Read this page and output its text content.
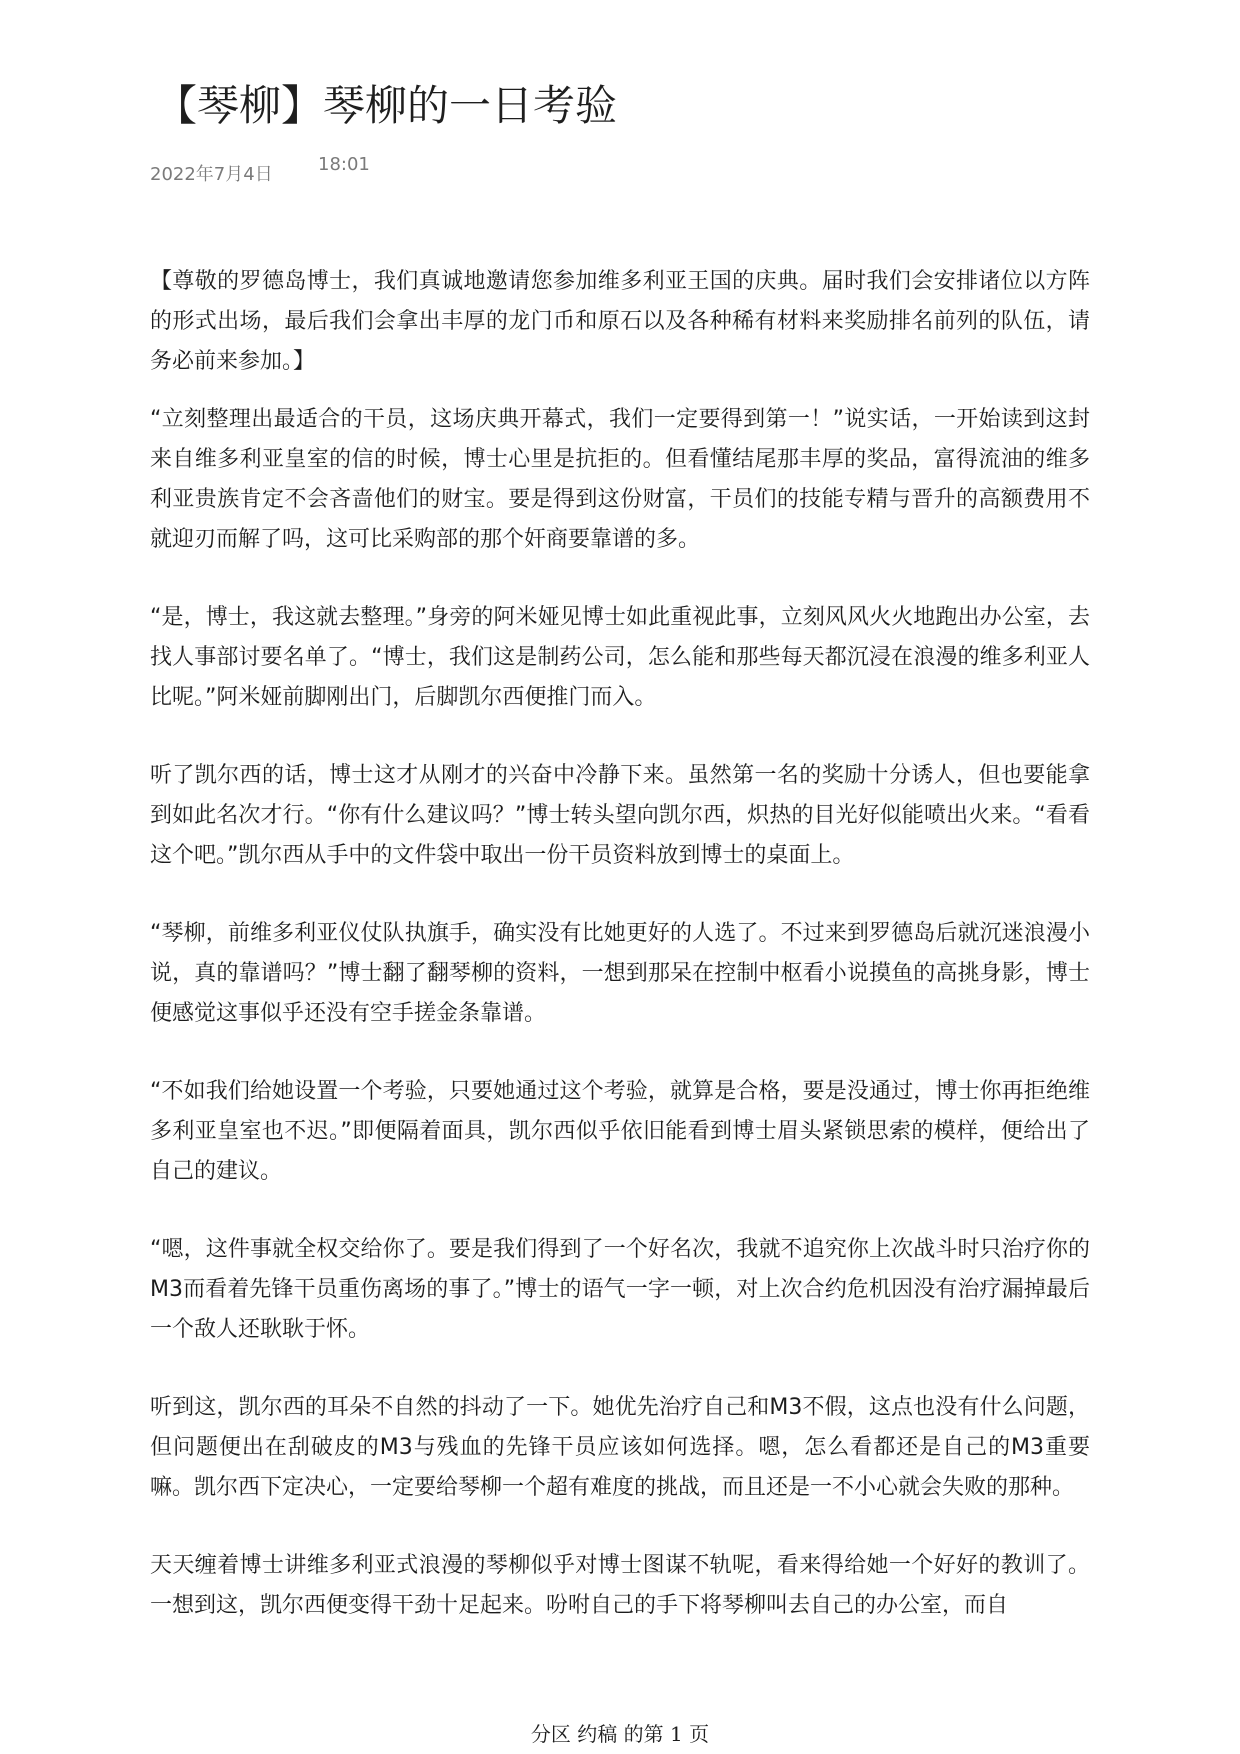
【琴柳】琴柳的一日考验
2022年7月4日	18:01

【尊敬的罗德岛博士，我们真诚地邀请您参加维多利亚王国的庆典。届时我们会安排诸位以方阵的形式出场，最后我们会拿出丰厚的龙门币和原石以及各种稀有材料来奖励排名前列的队伍，请务必前来参加。】

“立刻整理出最适合的干员，这场庆典开幕式，我们一定要得到第一！”说实话，一开始读到这封来自维多利亚皇室的信的时候，博士心里是抗拒的。但看懂结尾那丰厚的奖品，富得流油的维多利亚贵族肯定不会吝啬他们的财宝。要是得到这份财富，干员们的技能专精与晋升的高额费用不就迎刃而解了吗，这可比采购部的那个奸商要靠谱的多。

“是，博士，我这就去整理。”身旁的阿米娅见博士如此重视此事，立刻风风火火地跑出办公室，去找人事部讨要名单了。“博士，我们这是制药公司，怎么能和那些每天都沉浸在浪漫的维多利亚人比呢。”阿米娅前脚刚出门，后脚凯尔西便推门而入。

听了凯尔西的话，博士这才从刚才的兴奋中冷静下来。虽然第一名的奖励十分诱人，但也要能拿到如此名次才行。“你有什么建议吗？”博士转头望向凯尔西，炽热的目光好似能喷出火来。“看看这个吧。”凯尔西从手中的文件袋中取出一份干员资料放到博士的桌面上。

“琴柳，前维多利亚仪仗队执旗手，确实没有比她更好的人选了。不过来到罗德岛后就沉迷浪漫小说，真的靠谱吗？”博士翻了翻琴柳的资料，一想到那呆在控制中枢看小说摸鱼的高挑身影，博士便感觉这事似乎还没有空手搓金条靠谱。

“不如我们给她设置一个考验，只要她通过这个考验，就算是合格，要是没通过，博士你再拒绝维多利亚皇室也不迟。”即便隔着面具，凯尔西似乎依旧能看到博士眉头紧锁思索的模样，便给出了自己的建议。

“嗯，这件事就全权交给你了。要是我们得到了一个好名次，我就不追究你上次战斗时只治疗你的M3而看着先锋干员重伤离场的事了。”博士的语气一字一顿，对上次合约危机因没有治疗漏掉最后一个敌人还耿耿于怀。

听到这，凯尔西的耳朵不自然的抖动了一下。她优先治疗自己和M3不假，这点也没有什么问题，但问题便出在刮破皮的M3与残血的先锋干员应该如何选择。嗯，怎么看都还是自己的M3重要嘛。凯尔西下定决心，一定要给琴柳一个超有难度的挑战，而且还是一不小心就会失败的那种。

天天缠着博士讲维多利亚式浪漫的琴柳似乎对博士图谋不轨呢，看来得给她一个好好的教训了。一想到这，凯尔西便变得干劲十足起来。吩咐自己的手下将琴柳叫去自己的办公室，而自

分区 约稿 的第 1 页
